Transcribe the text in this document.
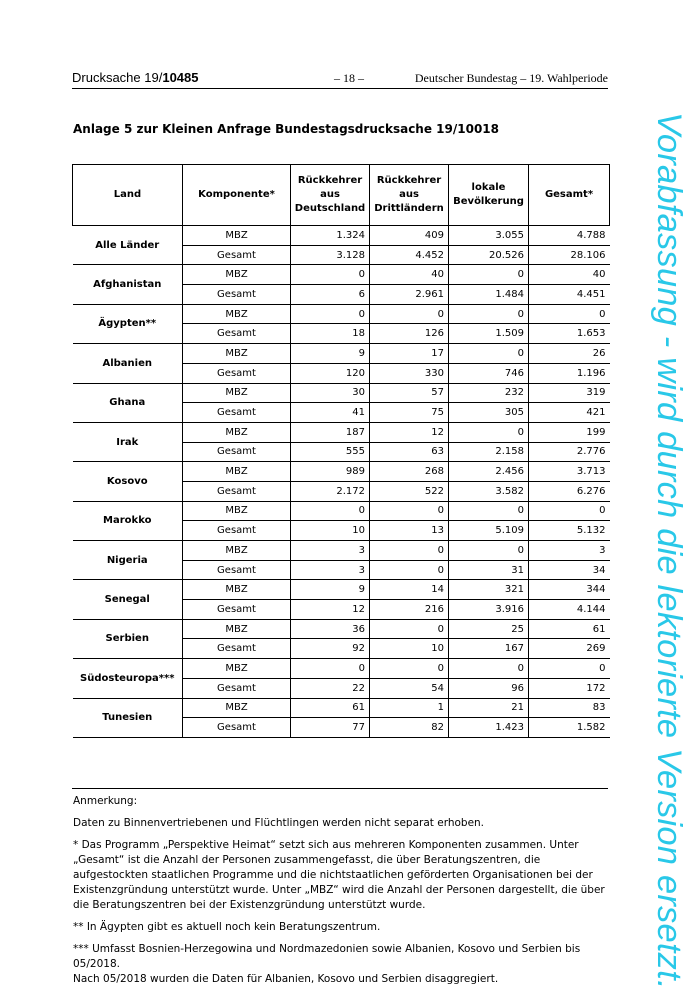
Drucksache 19/10485	– 18 –	Deutscher Bundestag – 19. Wahlperiode
Anlage 5 zur Kleinen Anfrage Bundestagsdrucksache 19/10018
Land	Komponente*	Rückkehrer aus Deutschland	Rückkehrer aus Drittländern	lokale Bevölkerung	Gesamt*
Alle Länder	MBZ	1.324	409	3.055	4.788
	Gesamt	3.128	4.452	20.526	28.106
Afghanistan	MBZ	0	40	0	40
	Gesamt	6	2.961	1.484	4.451
Ägypten**	MBZ	0	0	0	0
	Gesamt	18	126	1.509	1.653
Albanien	MBZ	9	17	0	26
	Gesamt	120	330	746	1.196
Ghana	MBZ	30	57	232	319
	Gesamt	41	75	305	421
Irak	MBZ	187	12	0	199
	Gesamt	555	63	2.158	2.776
Kosovo	MBZ	989	268	2.456	3.713
	Gesamt	2.172	522	3.582	6.276
Marokko	MBZ	0	0	0	0
	Gesamt	10	13	5.109	5.132
Nigeria	MBZ	3	0	0	3
	Gesamt	3	0	31	34
Senegal	MBZ	9	14	321	344
	Gesamt	12	216	3.916	4.144
Serbien	MBZ	36	0	25	61
	Gesamt	92	10	167	269
Südosteuropa***	MBZ	0	0	0	0
	Gesamt	22	54	96	172
Tunesien	MBZ	61	1	21	83
	Gesamt	77	82	1.423	1.582

Anmerkung:

Daten zu Binnenvertriebenen und Flüchtlingen werden nicht separat erhoben.

* Das Programm „Perspektive Heimat“ setzt sich aus mehreren Komponenten zusammen. Unter „Gesamt“ ist die Anzahl der Personen zusammengefasst, die über Beratungszentren, die aufgestockten staatlichen Programme und die nichtstaatlichen geförderten Organisationen bei der Existenzgründung unterstützt wurde. Unter „MBZ“ wird die Anzahl der Personen dargestellt, die über die Beratungszentren bei der Existenzgründung unterstützt wurde.

** In Ägypten gibt es aktuell noch kein Beratungszentrum.

*** Umfasst Bosnien-Herzegowina und Nordmazedonien sowie Albanien, Kosovo und Serbien bis 05/2018.
Nach 05/2018 wurden die Daten für Albanien, Kosovo und Serbien disaggregiert.	Vorabfassung - wird durch die lektorierte Version ersetzt.
